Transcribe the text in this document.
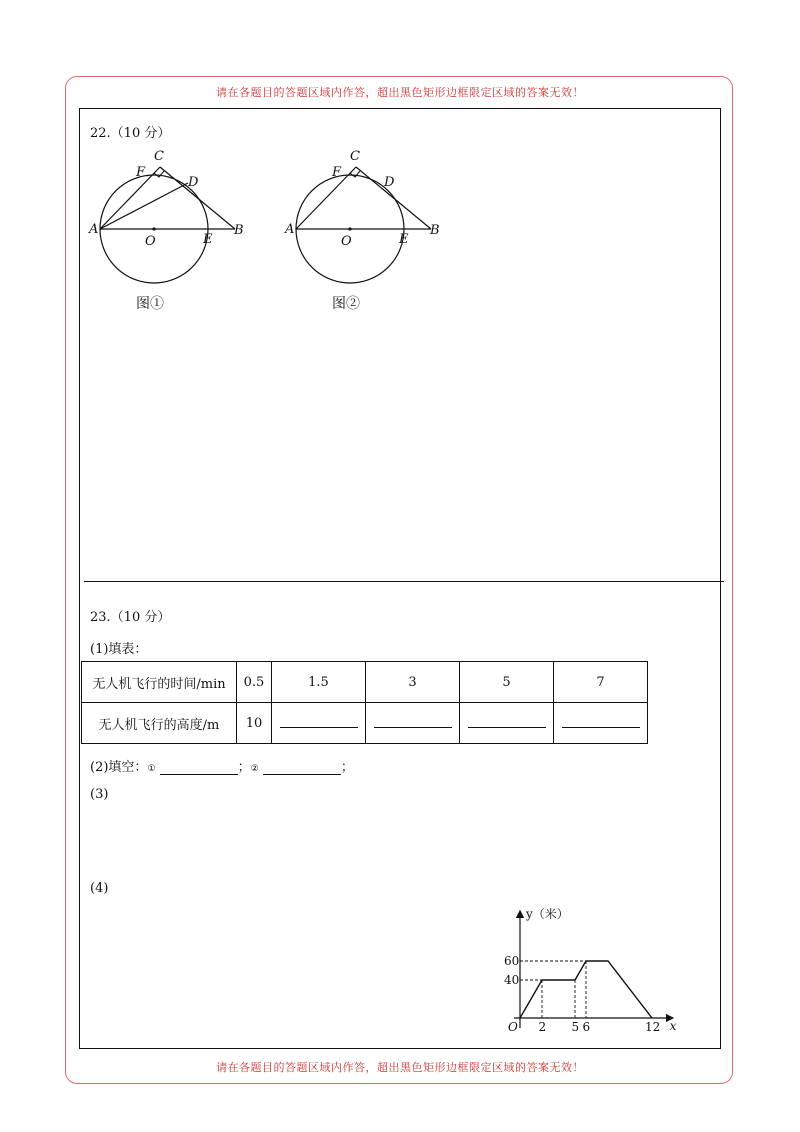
请在各题目的答题区域内作答，超出黑色矩形边框限定区域的答案无效！
请在各题目的答题区域内作答，超出黑色矩形边框限定区域的答案无效！
22.（10 分）
C
F
D
A
O	E
B
图①
C
F
D
A
O	E
B
图②
23.（10 分）
(1)填表：
无人机飞行的时间/min	0.5	1.5	3	5	7
无人机飞行的高度/m	10				
(2)填空：①	；②	；
(3)
(4)
y（米）
x
O 2 5 6	12
40
60
